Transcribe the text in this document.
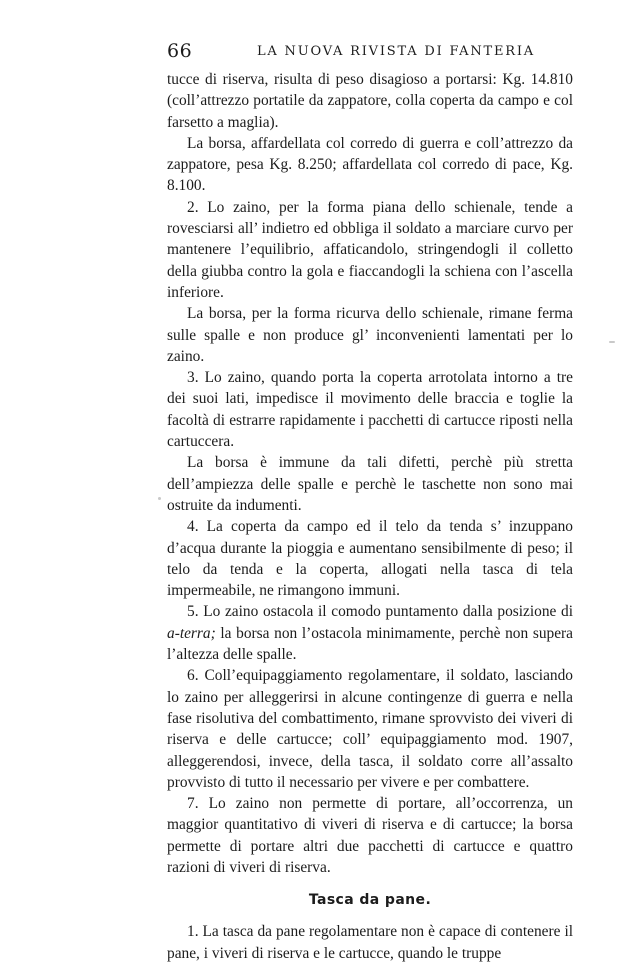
66	LA NUOVA RIVISTA DI FANTERIA

tucce di riserva, risulta di peso disagioso a portarsi: Kg. 14.810 (coll’attrezzo portatile da zappatore, colla coperta da campo e col farsetto a maglia).

La borsa, affardellata col corredo di guerra e coll’attrezzo da zappatore, pesa Kg. 8.250; affardellata col corredo di pace, Kg. 8.100.

2. Lo zaino, per la forma piana dello schienale, tende a rovesciarsi all’ indietro ed obbliga il soldato a marciare curvo per mantenere l’equilibrio, affaticandolo, stringendogli il colletto della giubba contro la gola e fiaccandogli la schiena con l’ascella inferiore.

La borsa, per la forma ricurva dello schienale, rimane ferma sulle spalle e non produce gl’ inconvenienti lamentati per lo zaino.

3. Lo zaino, quando porta la coperta arrotolata intorno a tre dei suoi lati, impedisce il movimento delle braccia e toglie la facoltà di estrarre rapidamente i pacchetti di cartucce riposti nella cartuccera.

La borsa è immune da tali difetti, perchè più stretta dell’ampiezza delle spalle e perchè le taschette non sono mai ostruite da indumenti.

4. La coperta da campo ed il telo da tenda s’ inzuppano d’acqua durante la pioggia e aumentano sensibilmente di peso; il telo da tenda e la coperta, allogati nella tasca di tela impermeabile, ne rimangono immuni.

5. Lo zaino ostacola il comodo puntamento dalla posizione di a-terra; la borsa non l’ostacola minimamente, perchè non supera l’altezza delle spalle.

6. Coll’equipaggiamento regolamentare, il soldato, lasciando lo zaino per alleggerirsi in alcune contingenze di guerra e nella fase risolutiva del combattimento, rimane sprovvisto dei viveri di riserva e delle cartucce; coll’ equipaggiamento mod. 1907, alleggerendosi, invece, della tasca, il soldato corre all’assalto provvisto di tutto il necessario per vivere e per combattere.

7. Lo zaino non permette di portare, all’occorrenza, un maggior quantitativo di viveri di riserva e di cartucce; la borsa permette di portare altri due pacchetti di cartucce e quattro razioni di viveri di riserva.

Tasca da pane.

1. La tasca da pane regolamentare non è capace di contenere il pane, i viveri di riserva e le cartucce, quando le truppe
